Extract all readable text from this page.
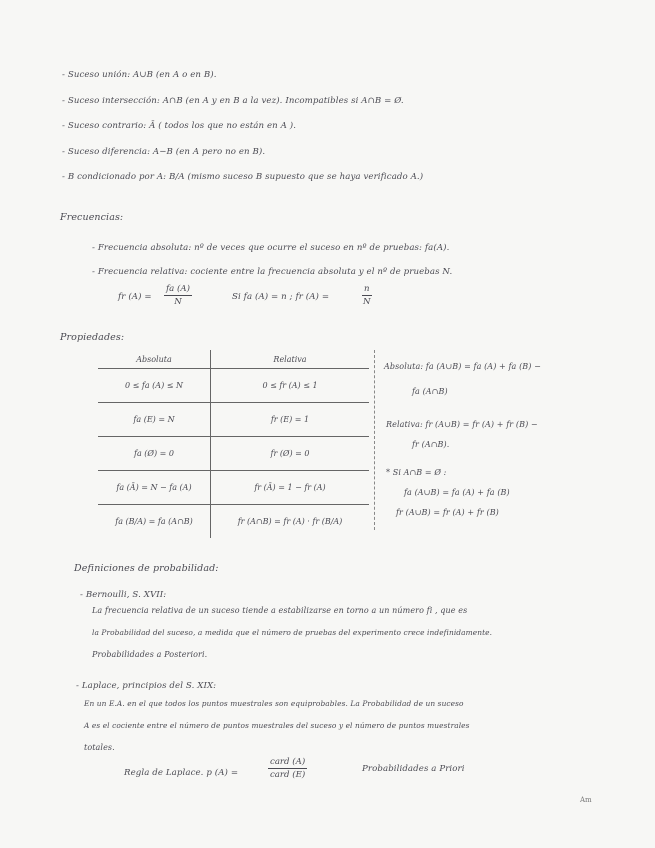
- Suceso unión: A∪B (en A o en B).
- Suceso intersección: A∩B (en A y en B a la vez). Incompatibles si A∩B = Ø.
- Suceso contrario: Ā ( todos los que no están en A ).
- Suceso diferencia: A−B (en A pero no en B).
- B condicionado por A: B/A (mismo suceso B supuesto que se haya verificado A.)
Frecuencias:
- Frecuencia absoluta: nº de veces que ocurre el suceso en nº de pruebas: fa(A).
- Frecuencia relativa: cociente entre la frecuencia absoluta y el nº de pruebas N.
fr $(A) = \frac{fa (A)}{N}$	Si fa (A) = n ; fr (A) =	$\frac{n}{N}$
Propiedades:
Absoluta	Relativa
0 ≤ fa (A) ≤ N	0 ≤ fr (A) ≤ 1
fa (E) = N	fr (E) = 1
fa (Ø) = 0	fr (Ø) = 0
fa (Ā) = N − fa (A)	fr (Ā) = 1 − fr (A)
fa (B/A) = fa (A∩B)	fr (A∩B) = fr (A) · fr (B/A)
Absoluta: fa (A∪B) = fa (A) + fa (B) −
fa (A∩B)
Relativa: fr (A∪B) = fr (A) + fr (B) −
fr (A∩B).
* Si A∩B = Ø :
fa (A∪B) = fa (A) + fa (B)
fr (A∪B) = fr (A) + fr (B)
Definiciones de probabilidad:
- Bernoulli, S. XVII:
La frecuencia relativa de un suceso tiende a estabilizarse en torno a un número fi , que es
la Probabilidad del suceso, a medida que el número de pruebas del experimento crece indefinidamente.
Probabilidades a Posteriori.
- Laplace, principios del S. XIX:
En un E.A. en el que todos los puntos muestrales son equiprobables. La Probabilidad de un suceso
A es el cociente entre el número de puntos muestrales del suceso y el número de puntos muestrales
totales.
Regla de Laplace. p (A) =
card (A)
card (E)
Probabilidades a Priori
Am
